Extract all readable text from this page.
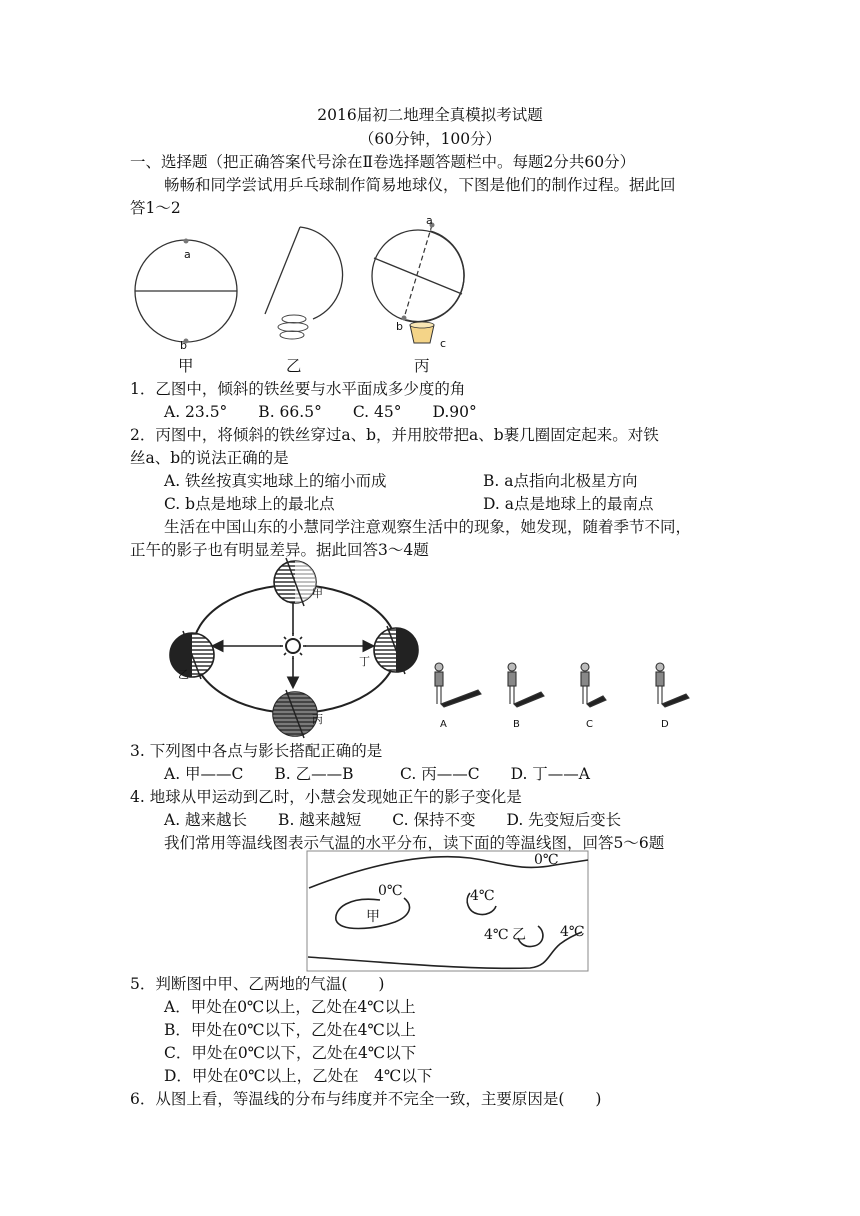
2016届初二地理全真模拟考试题
（60分钟，100分）
一、选择题（把正确答案代号涂在Ⅱ卷选择题答题栏中。每题2分共60分）
畅畅和同学尝试用乒乓球制作简易地球仪，下图是他们的制作过程。据此回
答1～2
a
b
a
b
c
甲	乙	丙
1．乙图中，倾斜的铁丝要与水平面成多少度的角
A. 23.5°　　B. 66.5°　　C. 45°　　D.90°
2．丙图中，将倾斜的铁丝穿过a、b，并用胶带把a、b裹几圈固定起来。对铁
丝a、b的说法正确的是
A. 铁丝按真实地球上的缩小而成	B. a点指向北极星方向
C. b点是地球上的最北点	D. a点是地球上的最南点
生活在中国山东的小慧同学注意观察生活中的现象，她发现，随着季节不同，
正午的影子也有明显差异。据此回答3～4题
甲
乙
丙
丁
A	B	C	D
3. 下列图中各点与影长搭配正确的是
A. 甲——C　　B. 乙——B　　　C. 丙——C　　D. 丁——A
4. 地球从甲运动到乙时，小慧会发现她正午的影子变化是
A. 越来越长　　B. 越来越短　　C. 保持不变　　D. 先变短后变长
我们常用等温线图表示气温的水平分布，读下面的等温线图，回答5～6题
0℃
0℃	4℃
4℃ 乙 4℃
甲
5．判断图中甲、乙两地的气温(　　)
A．甲处在0℃以上，乙处在4℃以上
B．甲处在0℃以下，乙处在4℃以上
C．甲处在0℃以下，乙处在4℃以下
D．甲处在0℃以上，乙处在　4℃以下
6．从图上看，等温线的分布与纬度并不完全一致，主要原因是(　　)
